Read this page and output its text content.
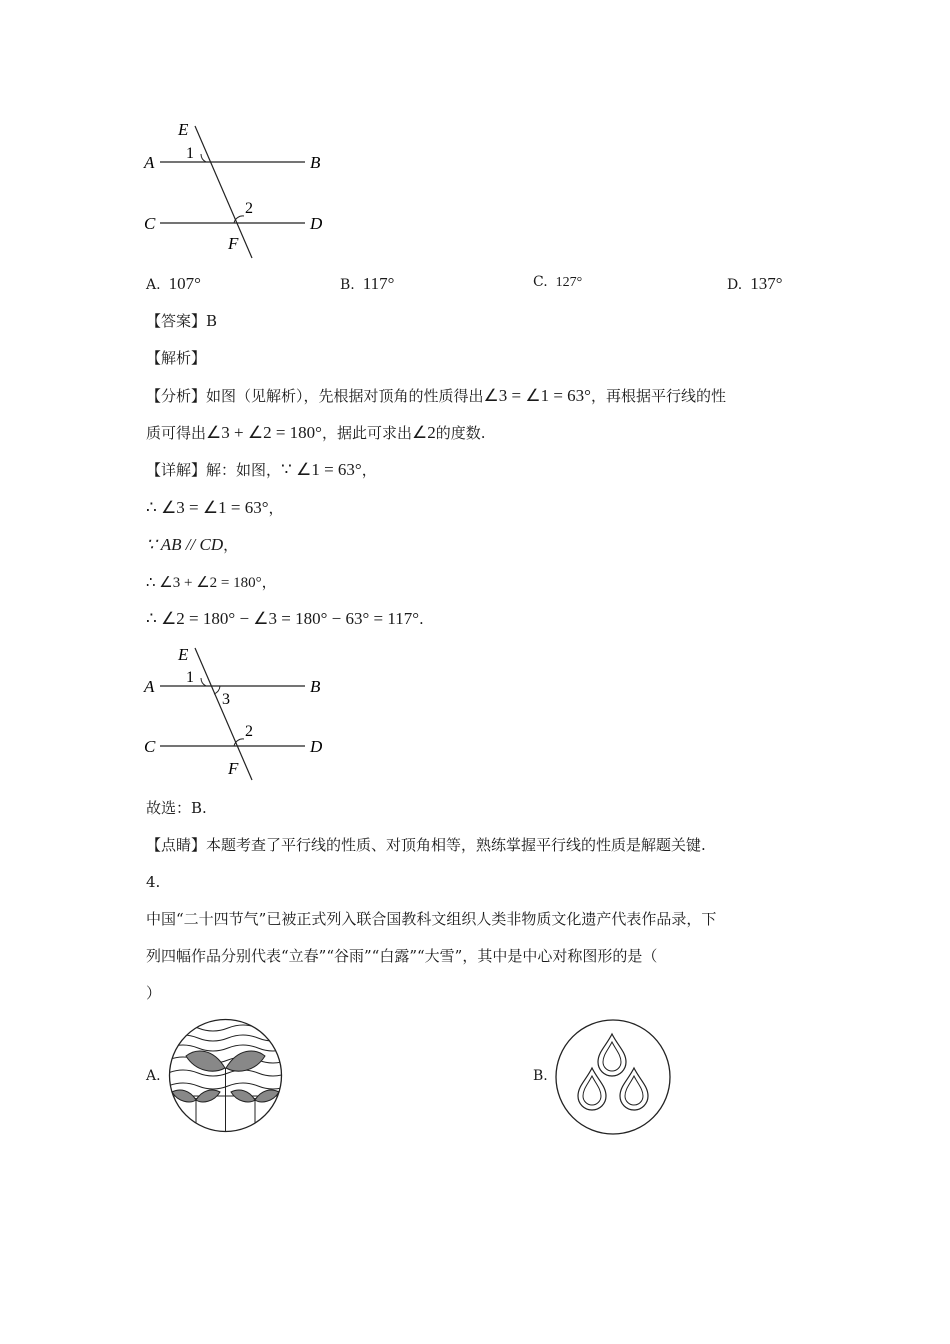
E
A	B
C	D
F
1
2
A. 107°	B. 117°	C. 127°	D. 137°
【答案】B
【解析】
【分析】如图（见解析），先根据对顶角的性质得出∠3 = ∠1 = 63°，再根据平行线的性
质可得出∠3 + ∠2 = 180°，据此可求出∠2的度数.
【详解】解：如图，∵ ∠1 = 63°，
∴ ∠3 = ∠1 = 63°，
∵ AB // CD，
∴ ∠3 + ∠2 = 180°，
∴ ∠2 = 180° − ∠3 = 180° − 63° = 117°.
E
A	B
C	D
F
1
3
2
故选：B.
【点睛】本题考查了平行线的性质、对顶角相等，熟练掌握平行线的性质是解题关键.
4.
中国“二十四节气”已被正式列入联合国教科文组织人类非物质文化遗产代表作品录，下
列四幅作品分别代表“立春”“谷雨”“白露”“大雪”，其中是中心对称图形的是（
）
A.	B.
